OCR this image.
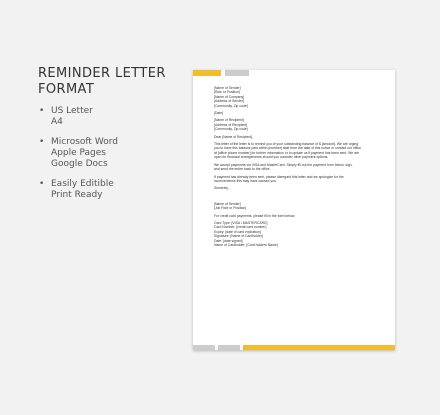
REMINDER LETTER
FORMAT
• US Letter
A4
• Microsoft Word
Apple Pages
Google Docs
• Easily Editible
Print Ready

[Name of Sender]
[Role or Position]
[Name of Company]
[Address of Sender]
[Community, Zip code]

[Date]

[Name of Recipient]
[Address of Recipient]
[Community, Zip code]

Dear [Name of Recipient],

This letter of the letter is to remind you of your outstanding balance of $ [amount]. We are urging
you to have this balance paid within [number] date from the date of this notice or contact our office
at [office phone number] for further information or to update us if payment has been sent. We are
open for financial arrangements should you consider other payment options.

We accept payments via VISA and MasterCard. Simply fill out the payment form below, sign,
and send the entire back to the office.

If payment has already been sent, please disregard this letter and we apologize for the
inconvenience this may have caused you.

Sincerely,

[Name of Sender]
[Job Role or Position]

For credit card payments, please fill in the form below:

Card Type: [VISA / MASTERCARD]
Card Number: [credit card number]
Expiry: [date of card expiration]
Signature: [Name of Cardholder]
Date: [date signed]
Name of Cardholder: [Card holders Name]
